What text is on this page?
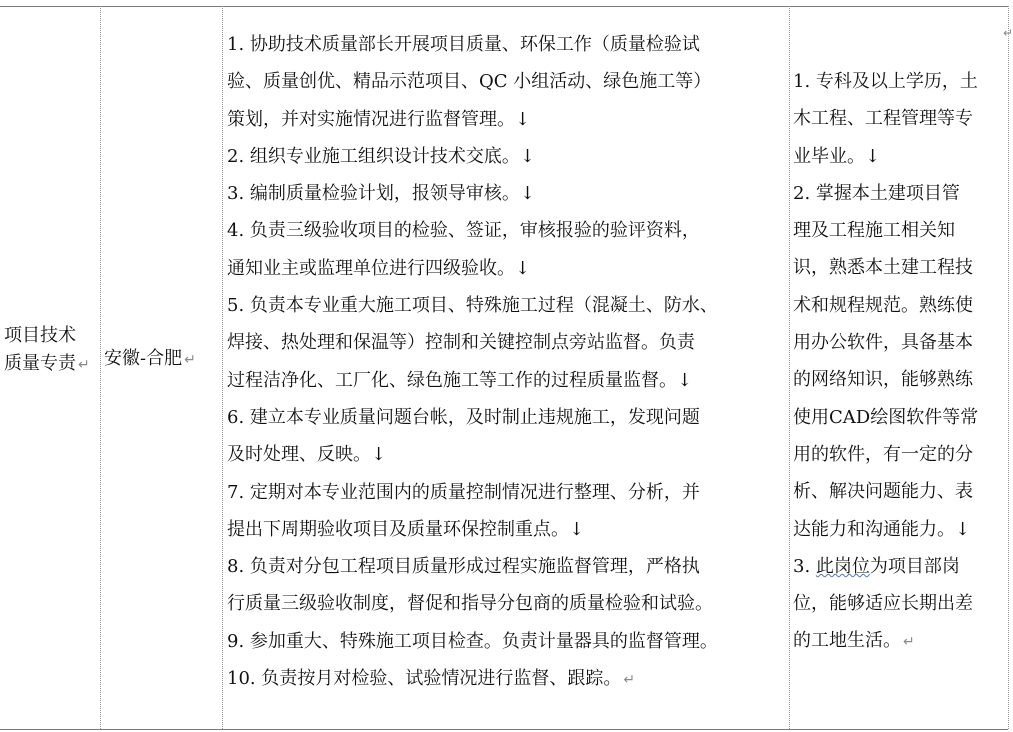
↵
项目技术
质量专责 ↵ 安徽-合肥 ↵
1. 协助技术质量部长开展项目质量、环保工作（质量检验试
验、质量创优、精品示范项目、QC 小组活动、绿色施工等）
策划，并对实施情况进行监督管理。↓
2. 组织专业施工组织设计技术交底。↓
3. 编制质量检验计划，报领导审核。↓
4. 负责三级验收项目的检验、签证，审核报验的验评资料，
通知业主或监理单位进行四级验收。↓
5. 负责本专业重大施工项目、特殊施工过程（混凝土、防水、
焊接、热处理和保温等）控制和关键控制点旁站监督。负责
过程洁净化、工厂化、绿色施工等工作的过程质量监督。↓
6. 建立本专业质量问题台帐，及时制止违规施工，发现问题
及时处理、反映。↓
7. 定期对本专业范围内的质量控制情况进行整理、分析，并
提出下周期验收项目及质量环保控制重点。↓
8. 负责对分包工程项目质量形成过程实施监督管理，严格执
行质量三级验收制度，督促和指导分包商的质量检验和试验。
9. 参加重大、特殊施工项目检查。负责计量器具的监督管理。
10. 负责按月对检验、试验情况进行监督、跟踪。 ↵
1. 专科及以上学历，土
木工程、工程管理等专
业毕业。↓
2. 掌握本土建项目管
理及工程施工相关知
识，熟悉本土建工程技
术和规程规范。熟练使
用办公软件，具备基本
的网络知识，能够熟练
使用CAD绘图软件等常
用的软件，有一定的分
析、解决问题能力、表
达能力和沟通能力。↓
3. 此岗位为项目部岗
位，能够适应长期出差
的工地生活。 ↵
